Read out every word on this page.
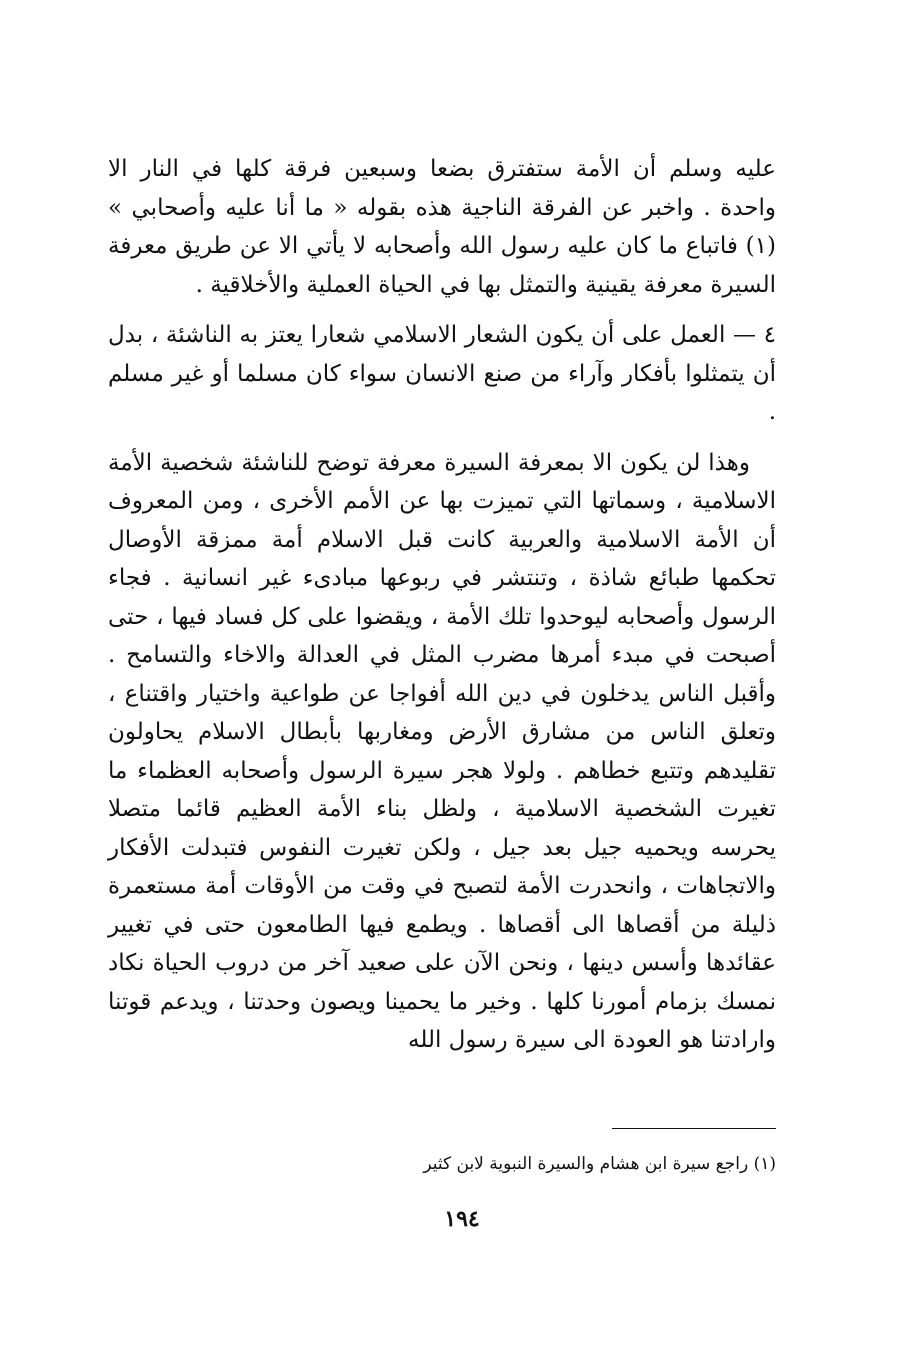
عليه وسلم أن الأمة ستفترق بضعا وسبعين فرقة كلها في النار الا واحدة . واخبر عن الفرقة الناجية هذه بقوله « ما أنا عليه وأصحابي » (١) فاتباع ما كان عليه رسول الله وأصحابه لا يأتي الا عن طريق معرفة السيرة معرفة يقينية والتمثل بها في الحياة العملية والأخلاقية .

٤ — العمل على أن يكون الشعار الاسلامي شعارا يعتز به الناشئة ، بدل أن يتمثلوا بأفكار وآراء من صنع الانسان سواء كان مسلما أو غير مسلم .

وهذا لن يكون الا بمعرفة السيرة معرفة توضح للناشئة شخصية الأمة الاسلامية ، وسماتها التي تميزت بها عن الأمم الأخرى ، ومن المعروف أن الأمة الاسلامية والعربية كانت قبل الاسلام أمة ممزقة الأوصال تحكمها طبائع شاذة ، وتنتشر في ربوعها مبادىء غير انسانية . فجاء الرسول وأصحابه ليوحدوا تلك الأمة ، ويقضوا على كل فساد فيها ، حتى أصبحت في مبدء أمرها مضرب المثل في العدالة والاخاء والتسامح . وأقبل الناس يدخلون في دين الله أفواجا عن طواعية واختيار واقتناع ، وتعلق الناس من مشارق الأرض ومغاربها بأبطال الاسلام يحاولون تقليدهم وتتبع خطاهم . ولولا هجر سيرة الرسول وأصحابه العظماء ما تغيرت الشخصية الاسلامية ، ولظل بناء الأمة العظيم قائما متصلا يحرسه ويحميه جيل بعد جيل ، ولكن تغيرت النفوس فتبدلت الأفكار والاتجاهات ، وانحدرت الأمة لتصبح في وقت من الأوقات أمة مستعمرة ذليلة من أقصاها الى أقصاها . ويطمع فيها الطامعون حتى في تغيير عقائدها وأسس دينها ، ونحن الآن على صعيد آخر من دروب الحياة نكاد نمسك بزمام أمورنا كلها . وخير ما يحمينا ويصون وحدتنا ، ويدعم قوتنا وارادتنا هو العودة الى سيرة رسول الله

(١) راجع سيرة ابن هشام والسيرة النبوية لابن كثير
١٩٤
